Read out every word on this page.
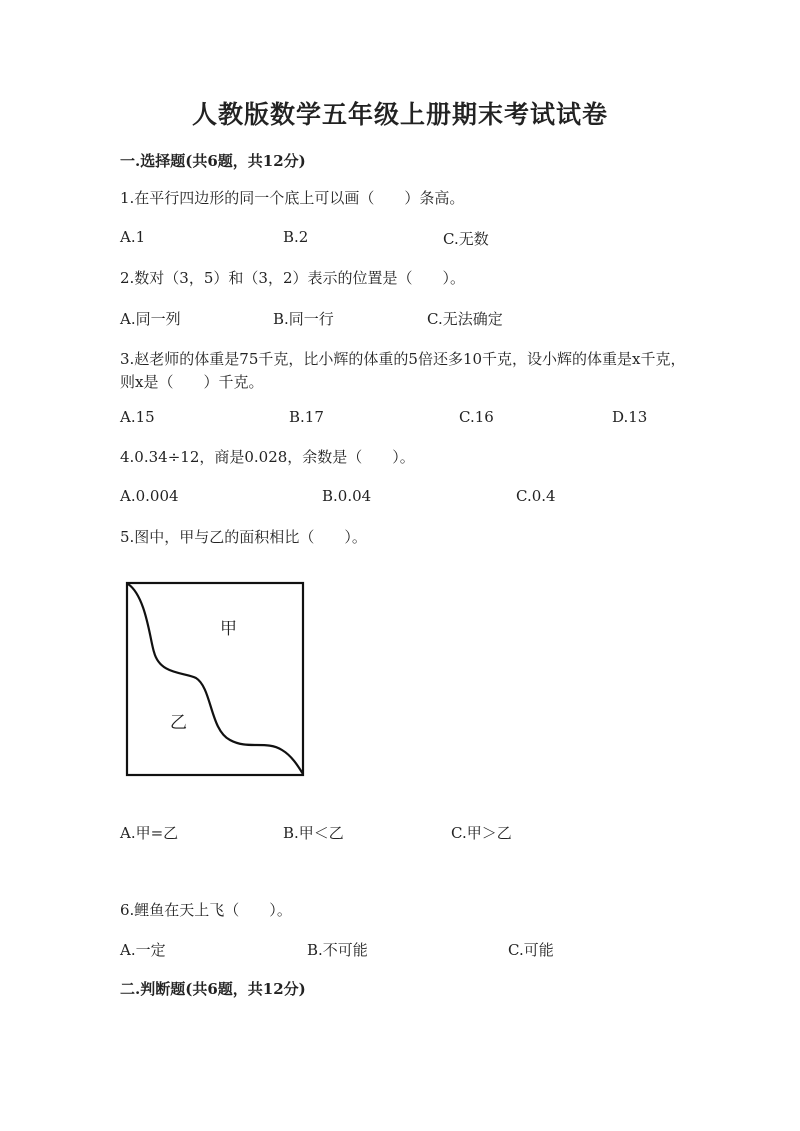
人教版数学五年级上册期末考试试卷
一.选择题(共6题，共12分)
1.在平行四边形的同一个底上可以画（　　）条高。
A.1	B.2	C.无数
2.数对（3，5）和（3，2）表示的位置是（　　）。
A.同一列	B.同一行	C.无法确定
3.赵老师的体重是75千克，比小辉的体重的5倍还多10千克，设小辉的体重是x千克，则x是（　　）千克。
A.15	B.17	C.16	D.13
4.0.34÷12，商是0.028，余数是（　　）。
A.0.004	B.0.04	C.0.4
5.图中，甲与乙的面积相比（　　）。
甲
乙
A.甲=乙	B.甲＜乙	C.甲＞乙
6.鲤鱼在天上飞（　　）。
A.一定	B.不可能	C.可能
二.判断题(共6题，共12分)
